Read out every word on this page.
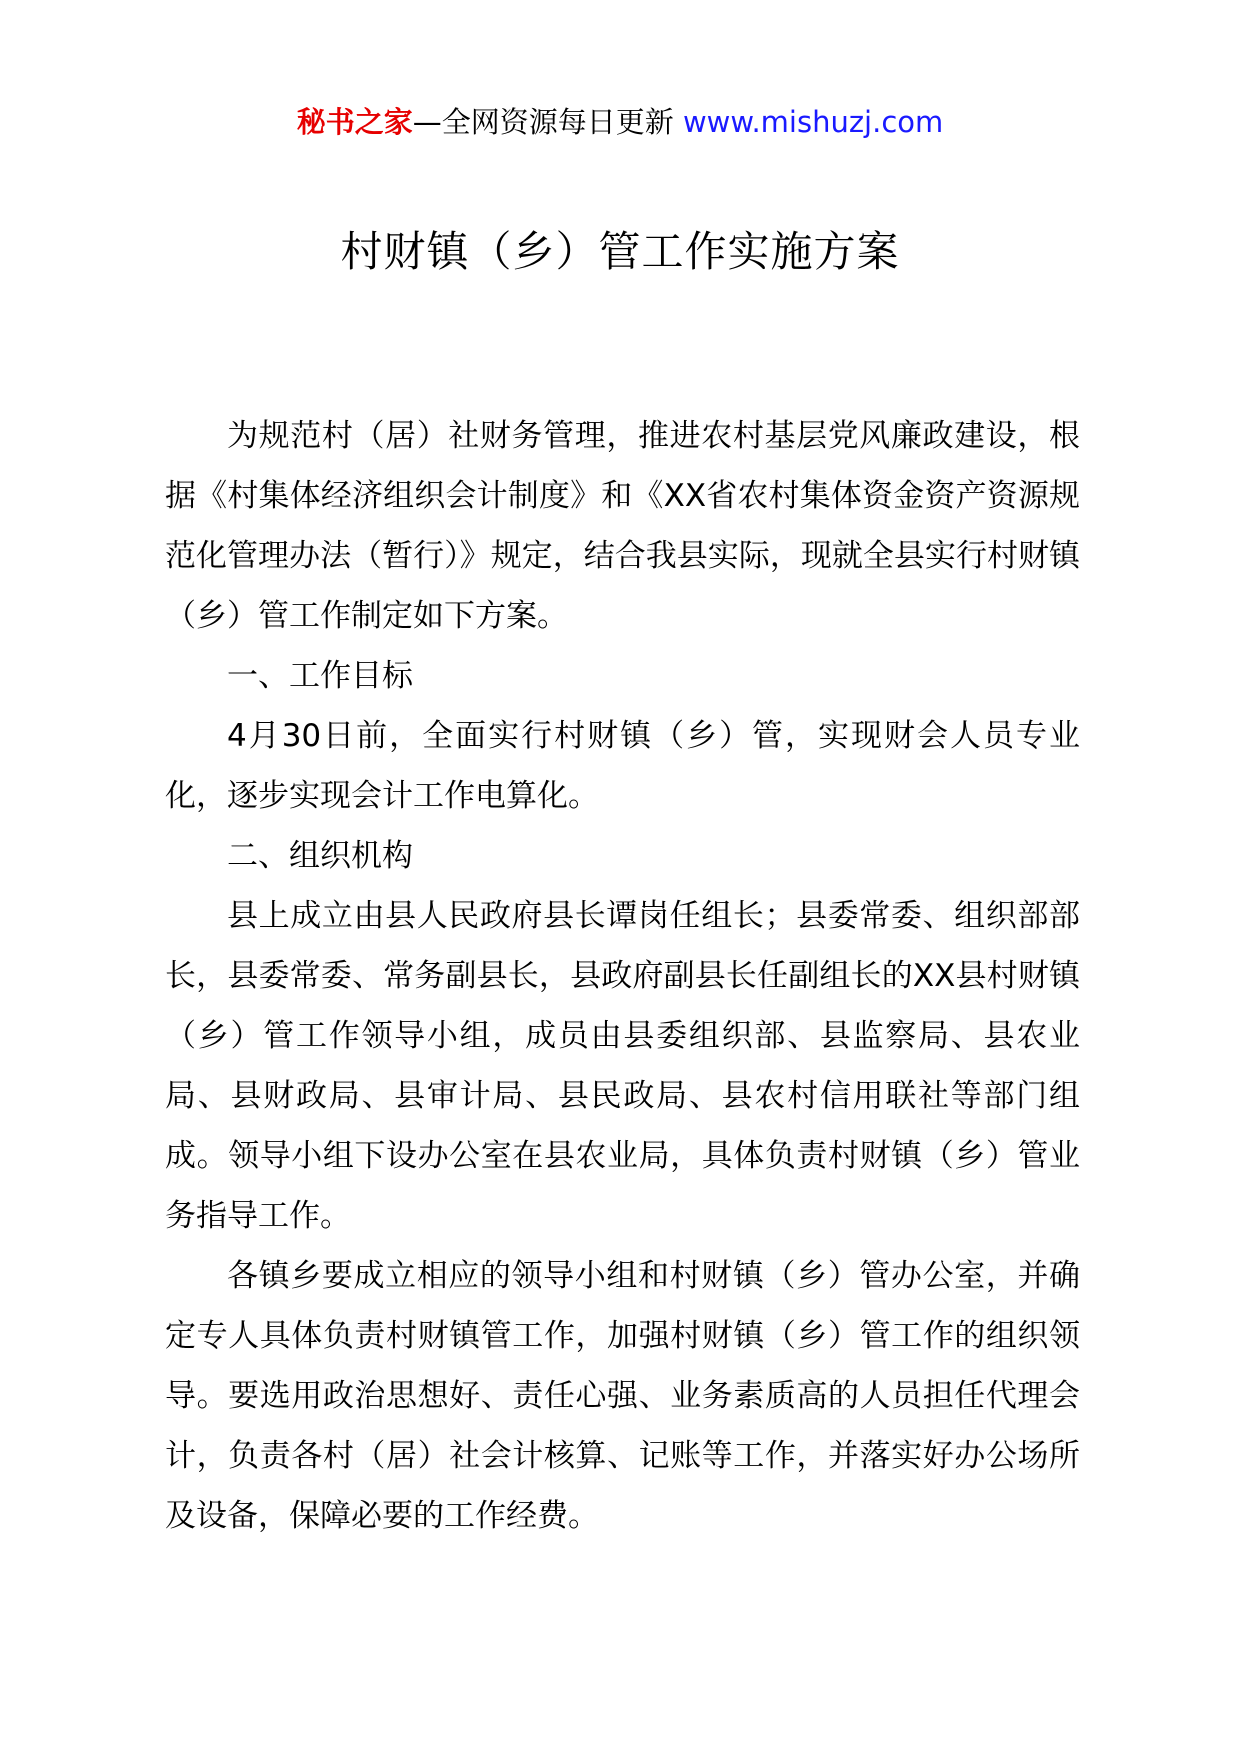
秘书之家—全网资源每日更新 www.mishuzj.com
村财镇（乡）管工作实施方案

为规范村（居）社财务管理，推进农村基层党风廉政建设，根据《村集体经济组织会计制度》和《XX省农村集体资金资产资源规范化管理办法（暂行）》规定，结合我县实际，现就全县实行村财镇（乡）管工作制定如下方案。

一、工作目标

4月30日前，全面实行村财镇（乡）管，实现财会人员专业化，逐步实现会计工作电算化。

二、组织机构

县上成立由县人民政府县长谭岗任组长；县委常委、组织部部长，县委常委、常务副县长，县政府副县长任副组长的XX县村财镇（乡）管工作领导小组，成员由县委组织部、县监察局、县农业局、县财政局、县审计局、县民政局、县农村信用联社等部门组成。领导小组下设办公室在县农业局，具体负责村财镇（乡）管业务指导工作。

各镇乡要成立相应的领导小组和村财镇（乡）管办公室，并确定专人具体负责村财镇管工作，加强村财镇（乡）管工作的组织领导。要选用政治思想好、责任心强、业务素质高的人员担任代理会计，负责各村（居）社会计核算、记账等工作，并落实好办公场所及设备，保障必要的工作经费。
